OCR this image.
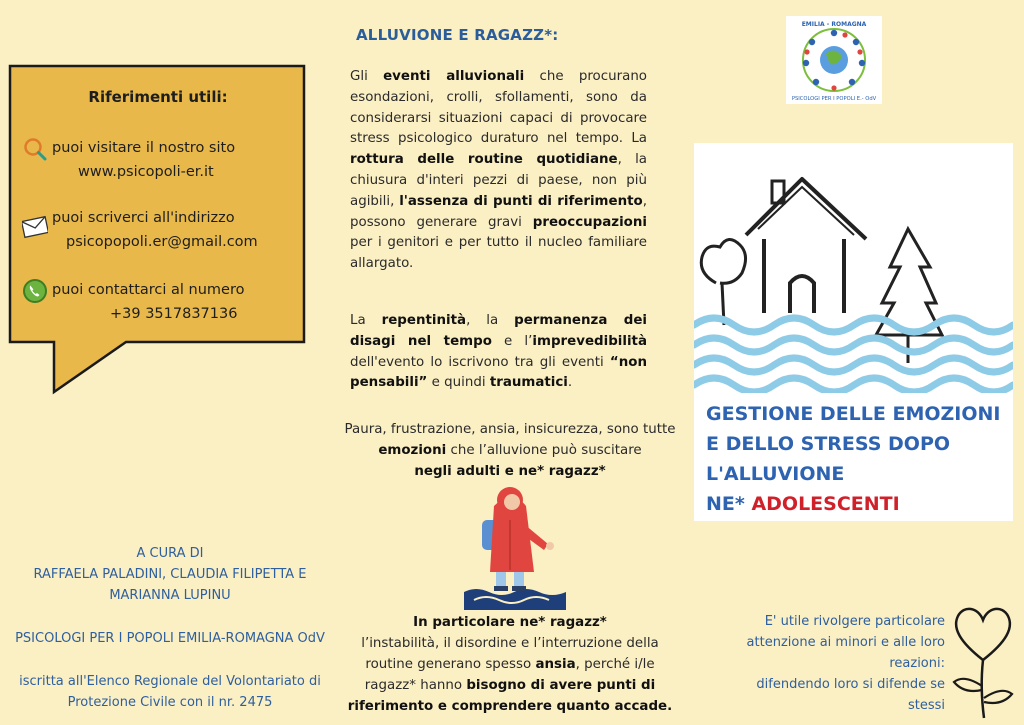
Riferimenti utili:
puoi visitare il nostro sito
www.psicopoli-er.it
puoi scriverci all'indirizzo
psicopopoli.er@gmail.com
puoi contattarci al numero
+39 3517837136
A CURA DI
RAFFAELA PALADINI, CLAUDIA FILIPETTA E
MARIANNA LUPINU
PSICOLOGI PER I POPOLI EMILIA-ROMAGNA OdV
iscritta all'Elenco Regionale del Volontariato di
Protezione Civile con il nr. 2475
ALLUVIONE E RAGAZZ*:
Gli eventi alluvionali che procurano esondazioni, crolli, sfollamenti, sono da considerarsi situazioni capaci di provocare stress psicologico duraturo nel tempo. La rottura delle routine quotidiane, la chiusura d'interi pezzi di paese, non più agibili, l'assenza di punti di riferimento, possono generare gravi preoccupazioni per i genitori e per tutto il nucleo familiare allargato.
La repentinità, la permanenza dei disagi nel tempo e l’imprevedibilità dell'evento lo iscrivono tra gli eventi “non pensabili” e quindi traumatici.
Paura, frustrazione, ansia, insicurezza, sono tutte
emozioni che l’alluvione può suscitare
negli adulti e ne* ragazz*
In particolare ne* ragazz*
l’instabilità, il disordine e l’interruzione della
routine generano spesso ansia, perché i/le
ragazz* hanno bisogno di avere punti di
riferimento e comprendere quanto accade.
EMILIA - ROMAGNA
PSICOLOGI PER I POPOLI E.- OdV
GESTIONE DELLE EMOZIONI
E DELLO STRESS DOPO
L'ALLUVIONE
NE* ADOLESCENTI
E' utile rivolgere particolare
attenzione ai minori e alle loro
reazioni:
difendendo loro si difende se
stessi
